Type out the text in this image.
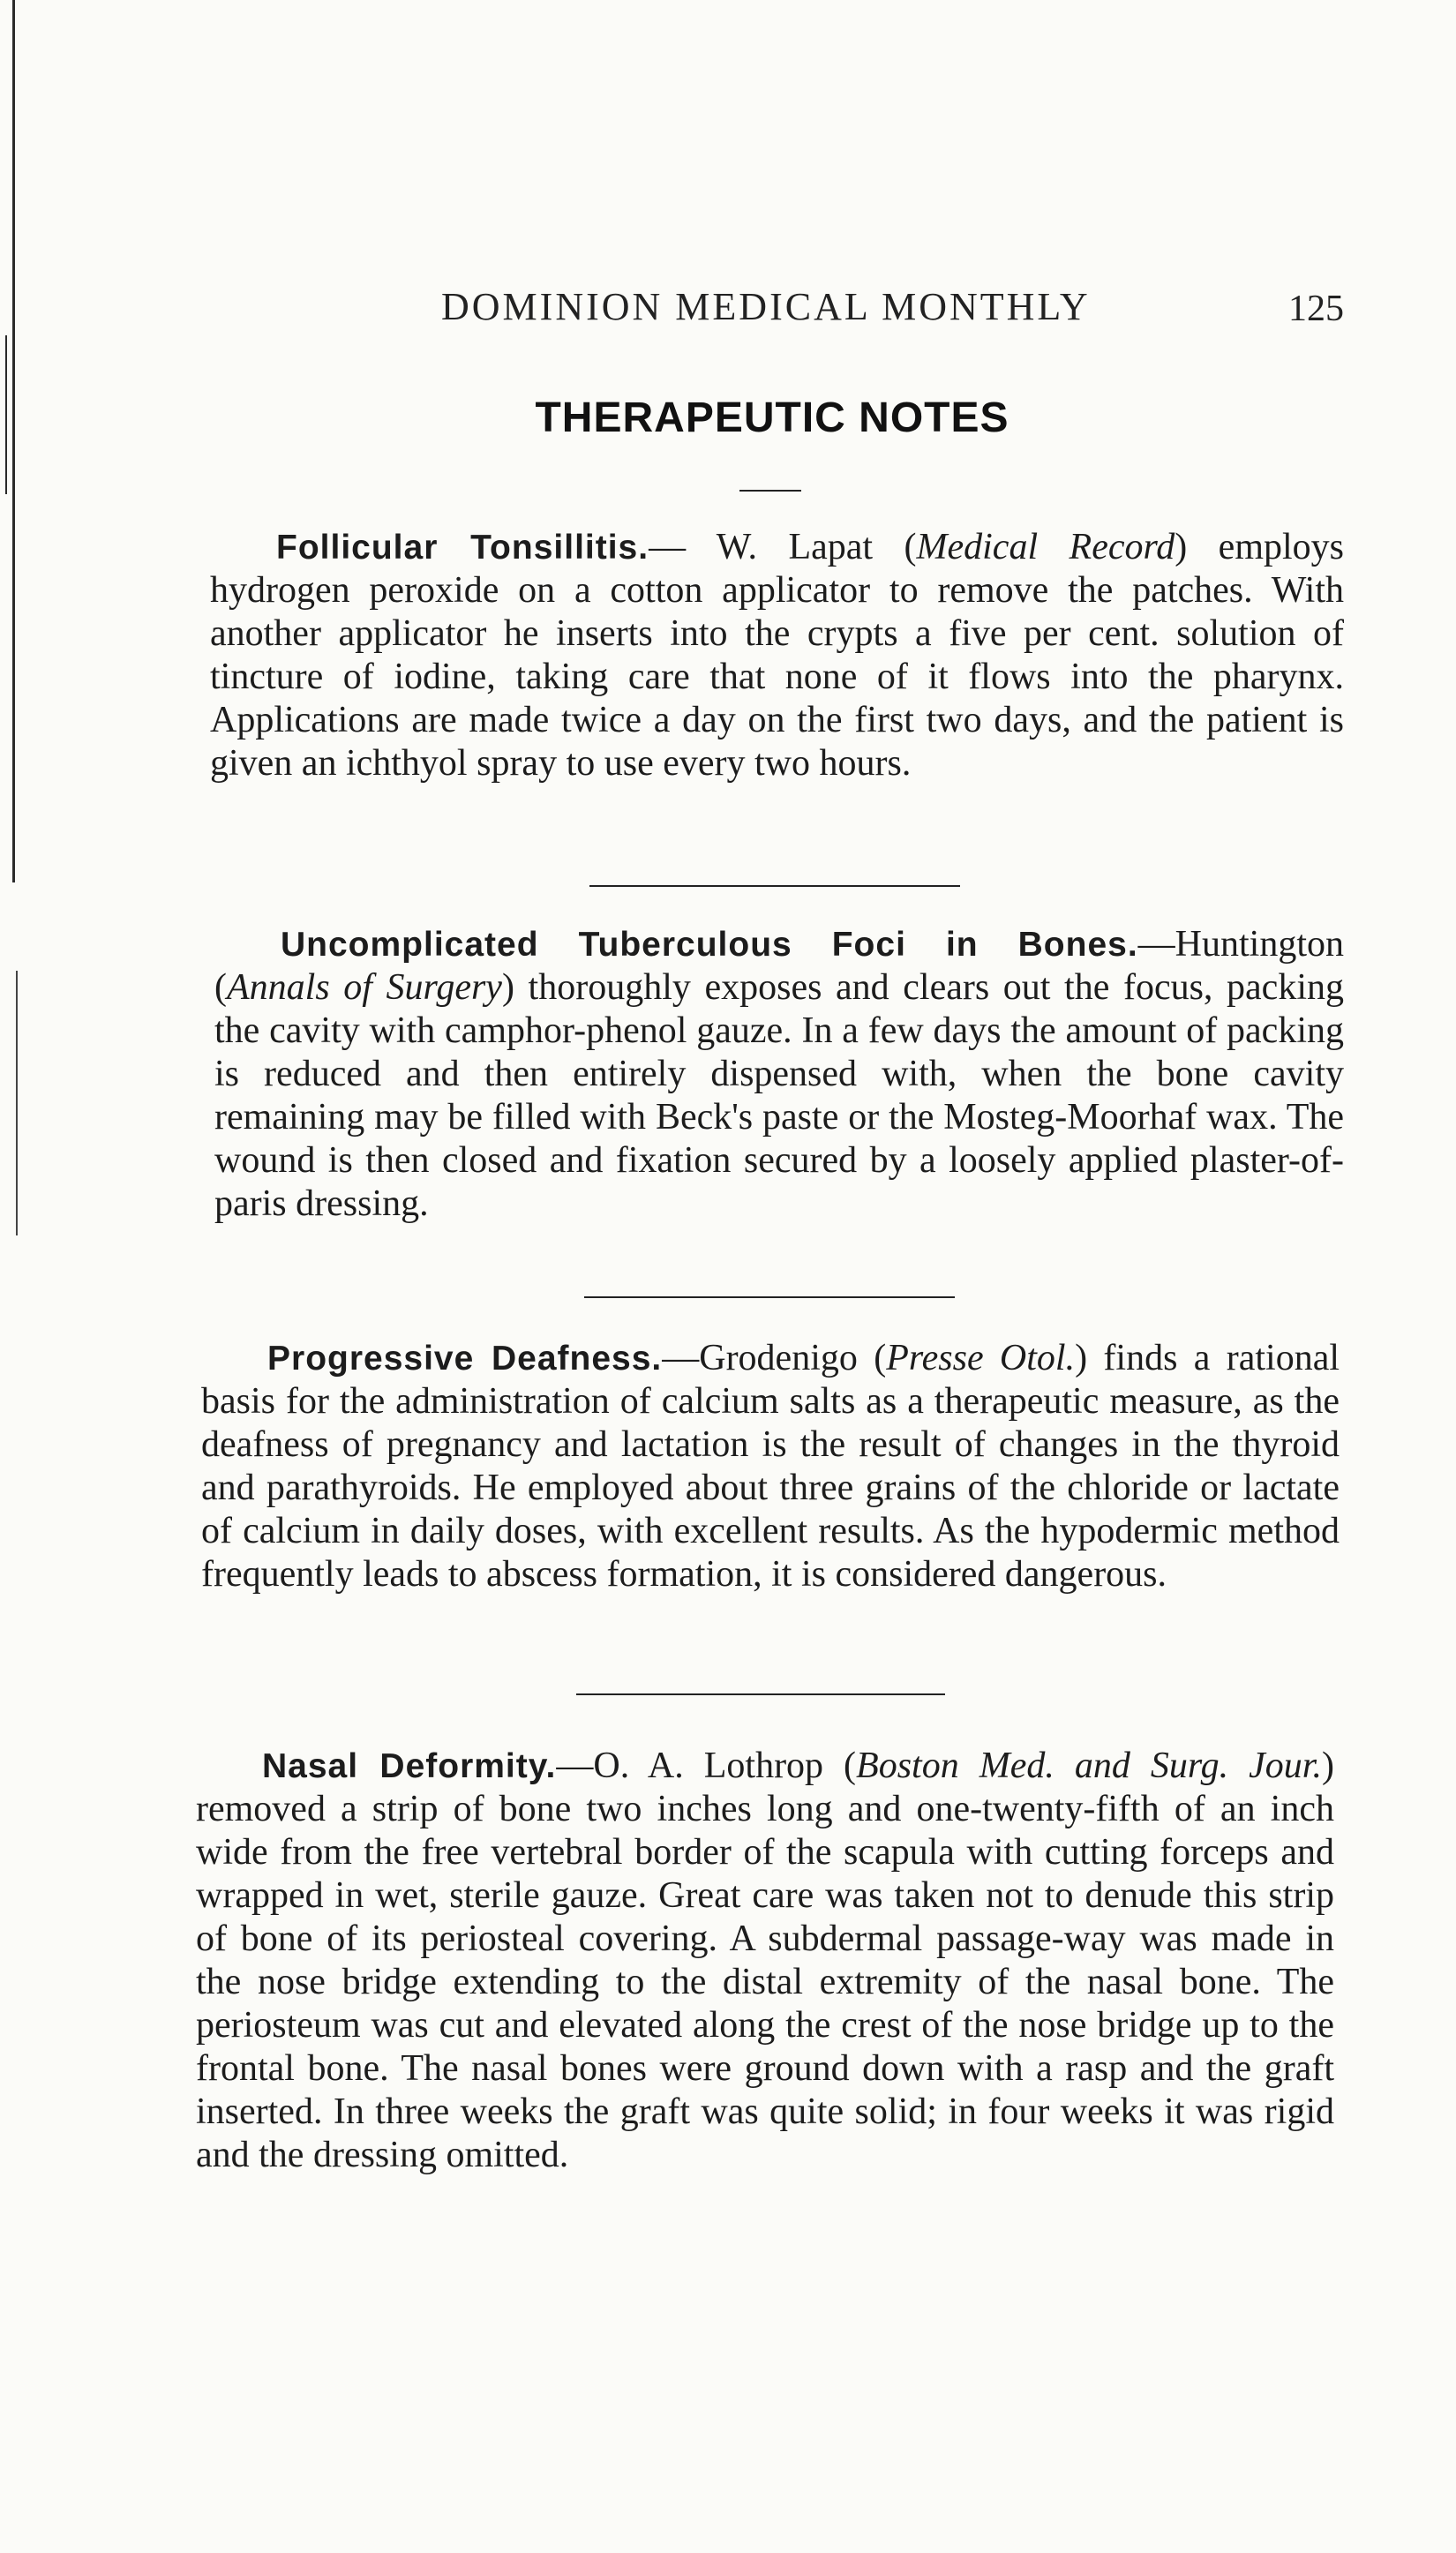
DOMINION MEDICAL MONTHLY	125
THERAPEUTIC NOTES

Follicular Tonsillitis.— W. Lapat (Medical Record) employs hydrogen peroxide on a cotton applicator to remove the patches. With another applicator he inserts into the crypts a five per cent. solution of tincture of iodine, taking care that none of it flows into the pharynx. Applications are made twice a day on the first two days, and the patient is given an ichthyol spray to use every two hours.

Uncomplicated Tuberculous Foci in Bones.—Huntington (Annals of Surgery) thoroughly exposes and clears out the focus, packing the cavity with camphor-phenol gauze. In a few days the amount of packing is reduced and then entirely dispensed with, when the bone cavity remaining may be filled with Beck's paste or the Mosteg-Moorhaf wax. The wound is then closed and fixation secured by a loosely applied plaster-of-paris dressing.

Progressive Deafness.—Grodenigo (Presse Otol.) finds a rational basis for the administration of calcium salts as a therapeutic measure, as the deafness of pregnancy and lactation is the result of changes in the thyroid and parathyroids. He employed about three grains of the chloride or lactate of calcium in daily doses, with excellent results. As the hypodermic method frequently leads to abscess formation, it is considered dangerous.

Nasal Deformity.—O. A. Lothrop (Boston Med. and Surg. Jour.) removed a strip of bone two inches long and one-twenty-fifth of an inch wide from the free vertebral border of the scapula with cutting forceps and wrapped in wet, sterile gauze. Great care was taken not to denude this strip of bone of its periosteal covering. A subdermal passage-way was made in the nose bridge extending to the distal extremity of the nasal bone. The periosteum was cut and elevated along the crest of the nose bridge up to the frontal bone. The nasal bones were ground down with a rasp and the graft inserted. In three weeks the graft was quite solid; in four weeks it was rigid and the dressing omitted.
